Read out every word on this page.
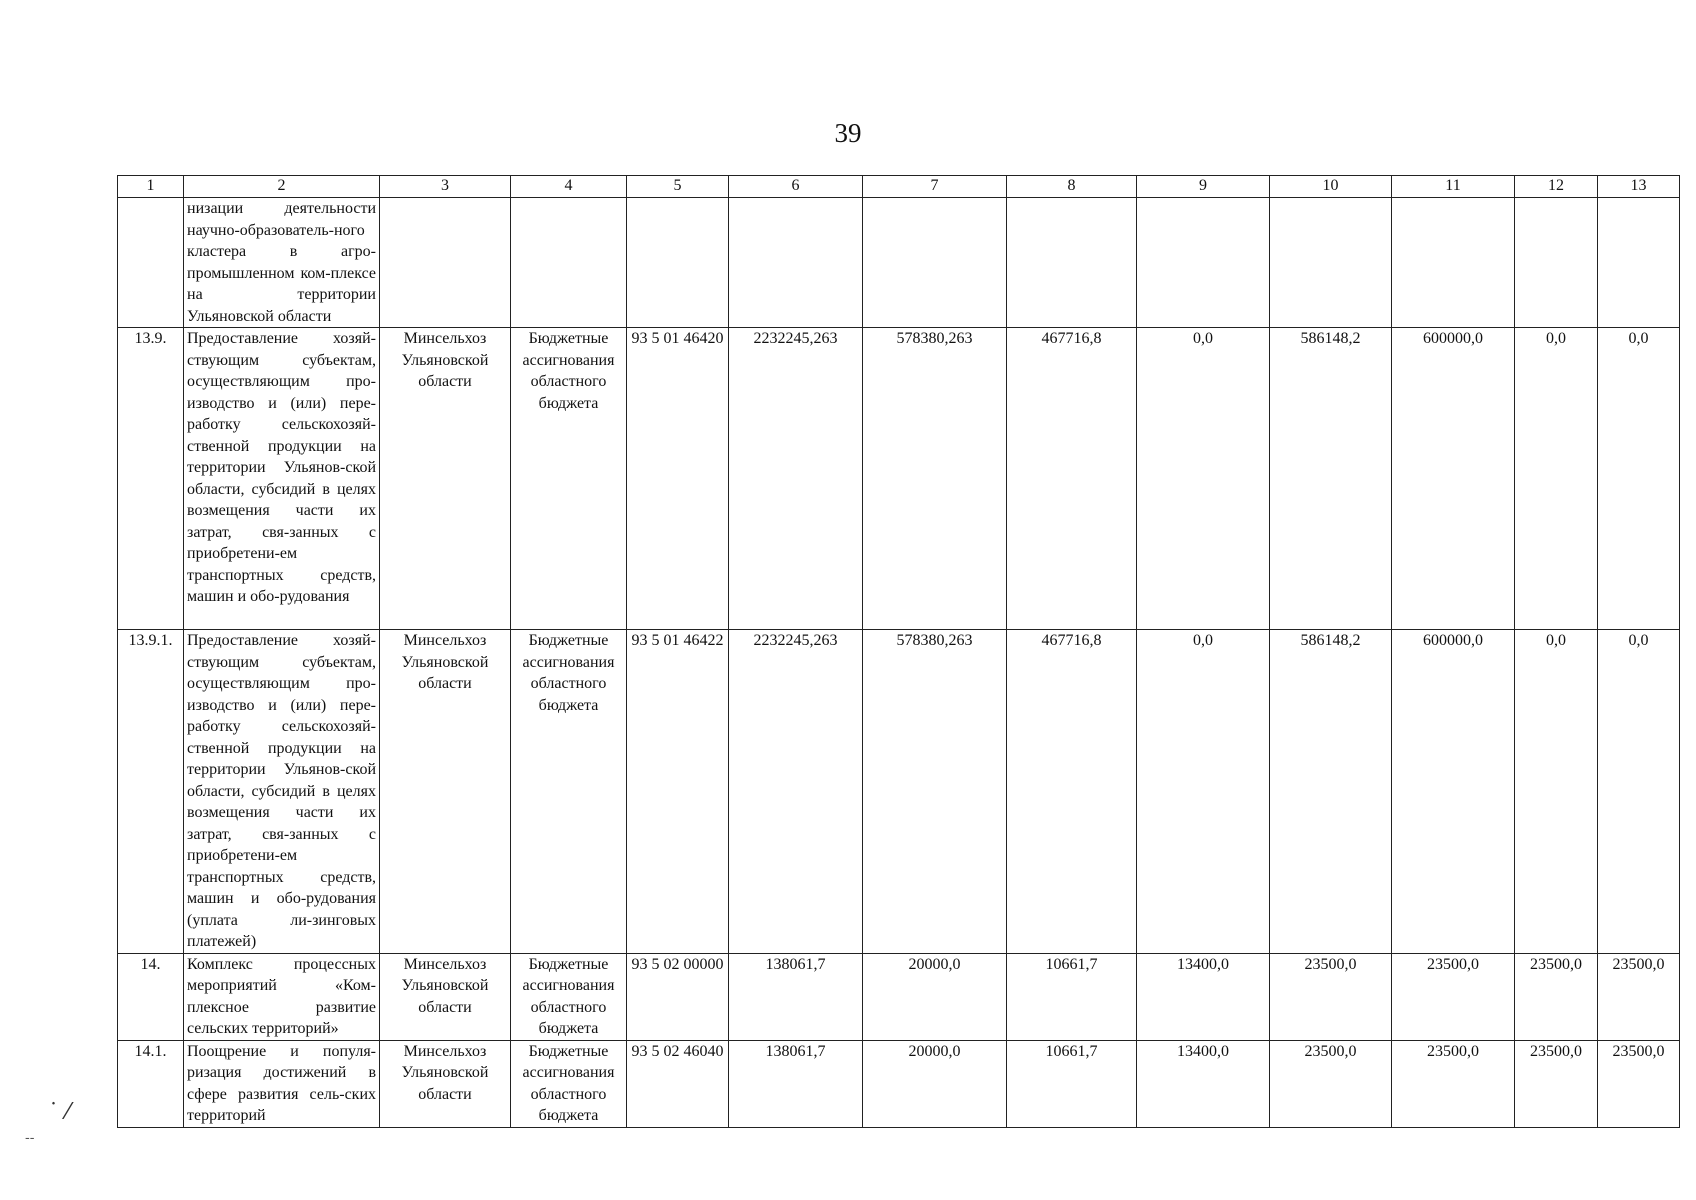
39
1	2	3	4	5	6	7	8	9	10	11	12	13
	низации деятельности научно-образователь-ного кластера в агро-промышленном ком-плексе на территории Ульяновской области											
13.9.	Предоставление хозяй-ствующим субъектам, осуществляющим про-изводство и (или) пере-работку сельскохозяй-ственной продукции на территории Ульянов-ской области, субсидий в целях возмещения части их затрат, свя-занных с приобретени-ем транспортных средств, машин и обо-рудования	Минсельхоз Ульяновской области	Бюджетные ассигнования областного бюджета	93 5 01 46420	2232245,263	578380,263	467716,8	0,0	586148,2	600000,0	0,0	0,0
13.9.1.	Предоставление хозяй-ствующим субъектам, осуществляющим про-изводство и (или) пере-работку сельскохозяй-ственной продукции на территории Ульянов-ской области, субсидий в целях возмещения части их затрат, свя-занных с приобретени-ем транспортных средств, машин и обо-рудования (уплата ли-зинговых платежей)	Минсельхоз Ульяновской области	Бюджетные ассигнования областного бюджета	93 5 01 46422	2232245,263	578380,263	467716,8	0,0	586148,2	600000,0	0,0	0,0
14.	Комплекс процессных мероприятий «Ком-плексное развитие сельских территорий»	Минсельхоз Ульяновской области	Бюджетные ассигнования областного бюджета	93 5 02 00000	138061,7	20000,0	10661,7	13400,0	23500,0	23500,0	23500,0	23500,0
14.1.	Поощрение и популя-ризация достижений в сфере развития сель-ских территорий	Минсельхоз Ульяновской области	Бюджетные ассигнования областного бюджета	93 5 02 46040	138061,7	20000,0	10661,7	13400,0	23500,0	23500,0	23500,0	23500,0
˙ ⁄
--
